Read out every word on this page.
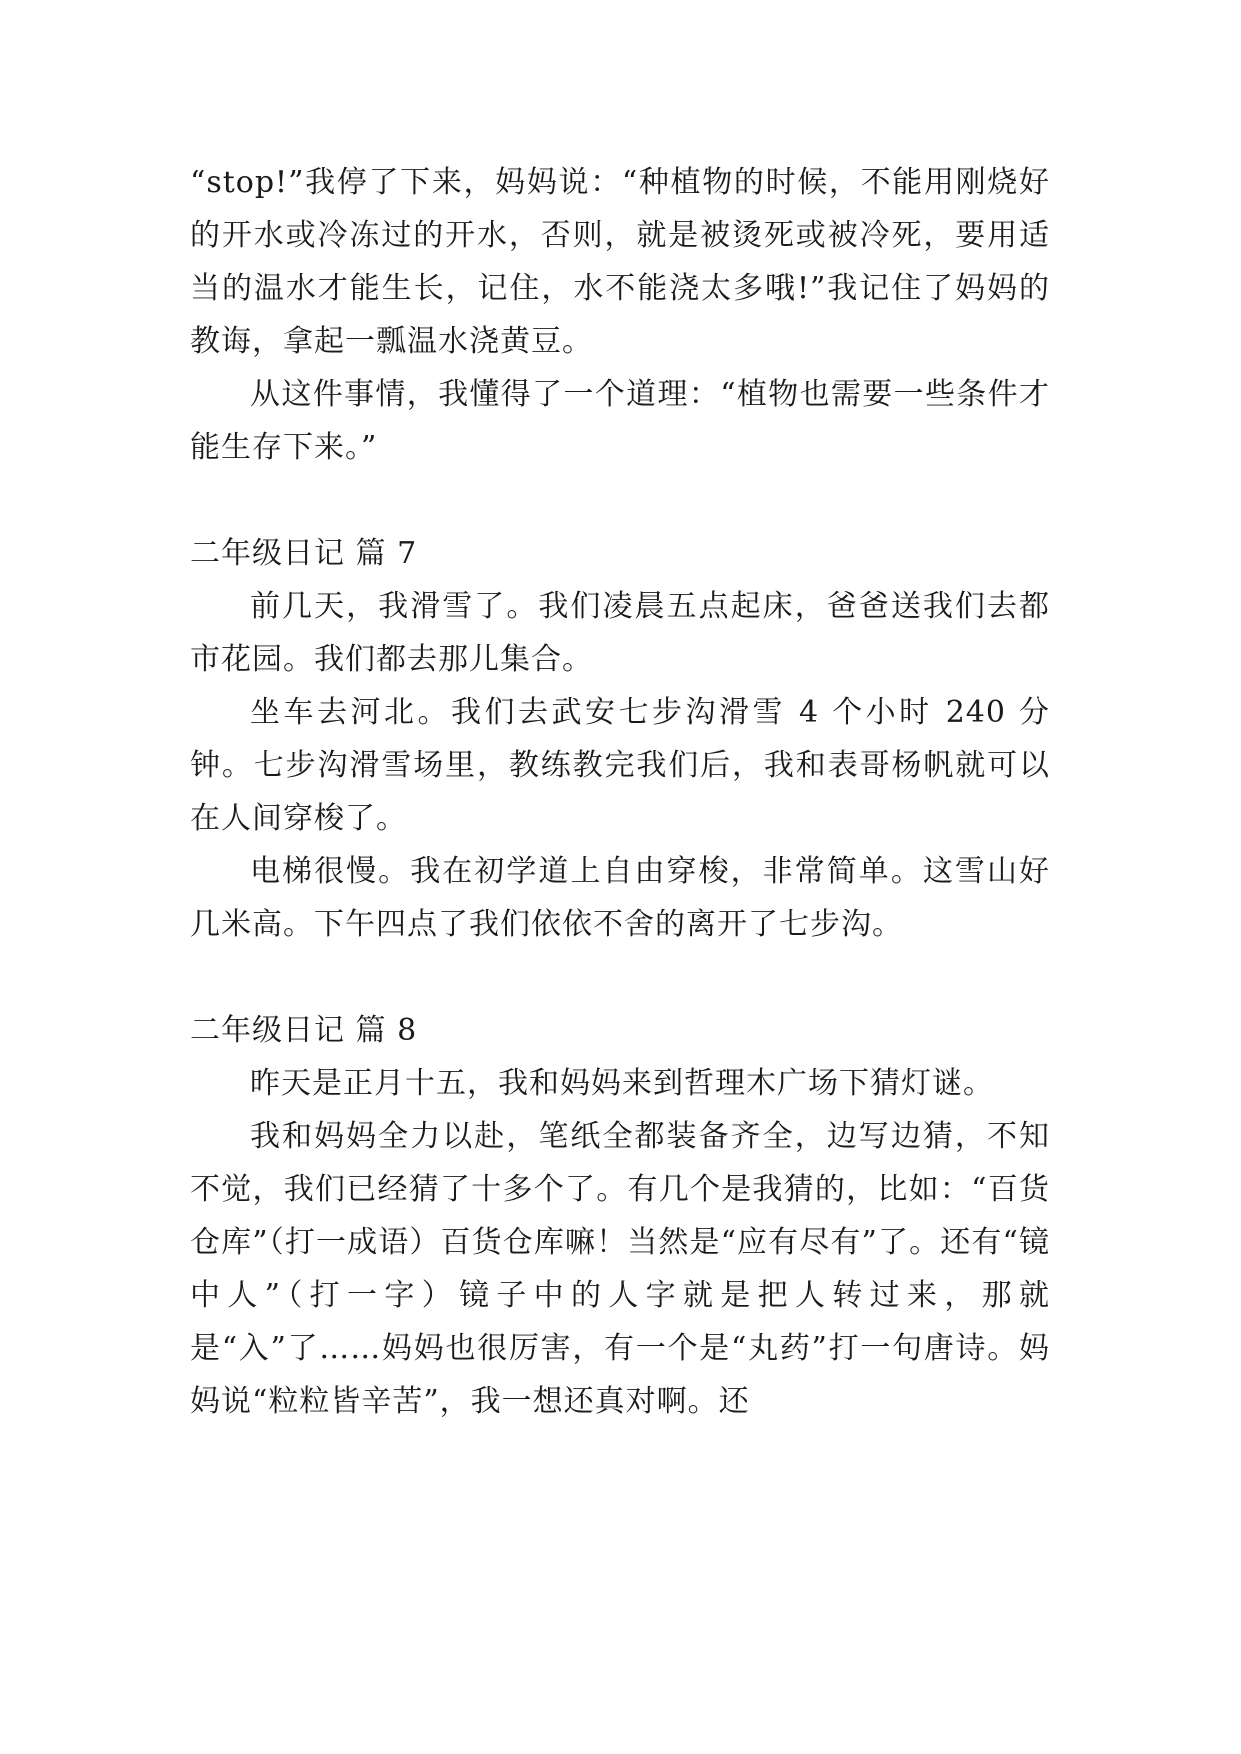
“stop!”我停了下来，妈妈说：“种植物的时候，不能用刚烧好的开水或冷冻过的开水，否则，就是被烫死或被冷死，要用适当的温水才能生长，记住，水不能浇太多哦!”我记住了妈妈的教诲，拿起一瓢温水浇黄豆。

从这件事情，我懂得了一个道理：“植物也需要一些条件才能生存下来。”

二年级日记 篇 7

前几天，我滑雪了。我们凌晨五点起床，爸爸送我们去都市花园。我们都去那儿集合。

坐车去河北。我们去武安七步沟滑雪 4 个小时 240 分钟。七步沟滑雪场里，教练教完我们后，我和表哥杨帆就可以在人间穿梭了。

电梯很慢。我在初学道上自由穿梭，非常简单。这雪山好几米高。下午四点了我们依依不舍的离开了七步沟。

二年级日记 篇 8

昨天是正月十五，我和妈妈来到哲理木广场下猜灯谜。

我和妈妈全力以赴，笔纸全都装备齐全，边写边猜，不知不觉，我们已经猜了十多个了。有几个是我猜的，比如：“百货仓库”（打一成语）百货仓库嘛！当然是“应有尽有”了。还有“镜中人”（打一字）镜子中的人字就是把人转过来，那就是“入”了……妈妈也很厉害，有一个是“丸药”打一句唐诗。妈妈说“粒粒皆辛苦”，我一想还真对啊。还
